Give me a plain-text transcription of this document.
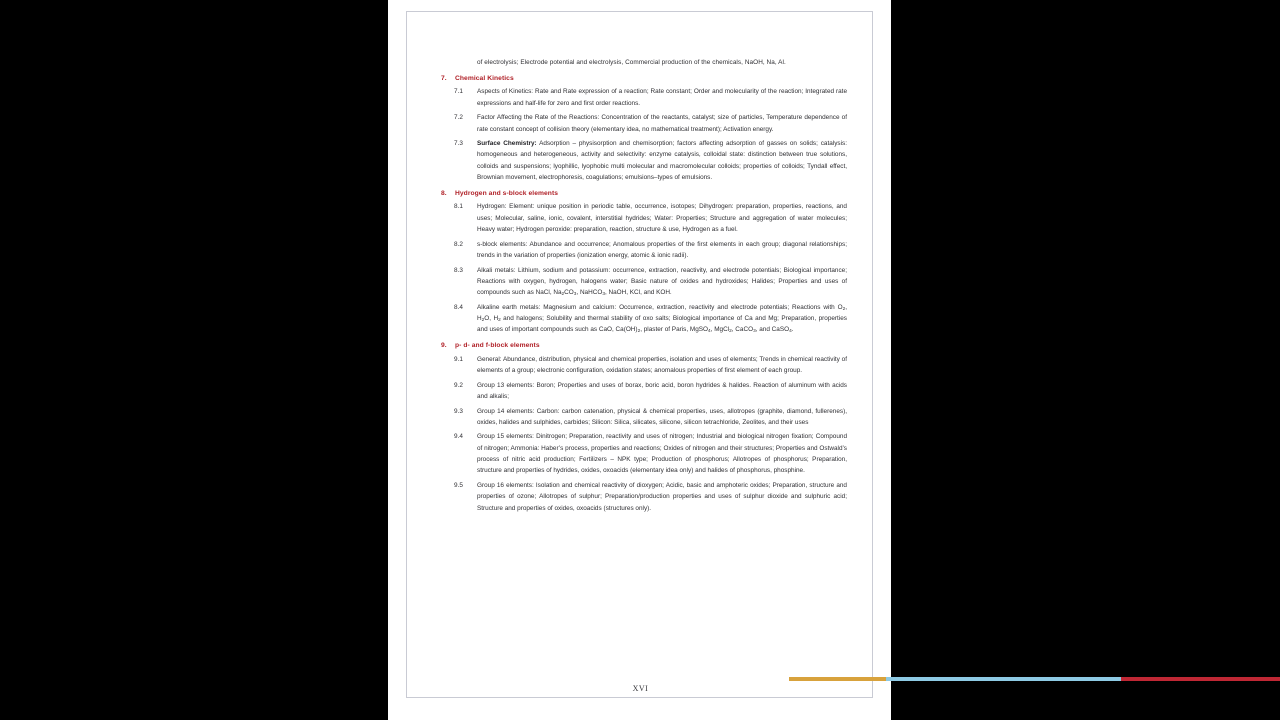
of electrolysis; Electrode potential and electrolysis, Commercial production of the chemicals, NaOH, Na, Al.

7.	Chemical Kinetics
7.1	Aspects of Kinetics: Rate and Rate expression of a reaction; Rate constant; Order and molecularity of the reaction; Integrated rate expressions and half-life for zero and first order reactions.
7.2	Factor Affecting the Rate of the Reactions: Concentration of the reactants, catalyst; size of particles, Temperature dependence of rate constant concept of collision theory (elementary idea, no mathematical treatment); Activation energy.
7.3	Surface Chemistry: Adsorption – physisorption and chemisorption; factors affecting adsorption of gasses on solids; catalysis: homogeneous and heterogeneous, activity and selectivity: enzyme catalysis, colloidal state: distinction between true solutions, colloids and suspensions; lyophillic, lyophobic multi molecular and macromolecular colloids; properties of colloids; Tyndall effect, Brownian movement, electrophoresis, coagulations; emulsions–types of emulsions.
8.	Hydrogen and s-block elements
8.1	Hydrogen: Element: unique position in periodic table, occurrence, isotopes; Dihydrogen: preparation, properties, reactions, and uses; Molecular, saline, ionic, covalent, interstitial hydrides; Water: Properties; Structure and aggregation of water molecules; Heavy water; Hydrogen peroxide: preparation, reaction, structure & use, Hydrogen as a fuel.
8.2	s-block elements: Abundance and occurrence; Anomalous properties of the first elements in each group; diagonal relationships; trends in the variation of properties (ionization energy, atomic & ionic radii).
8.3	Alkali metals: Lithium, sodium and potassium: occurrence, extraction, reactivity, and electrode potentials; Biological importance; Reactions with oxygen, hydrogen, halogens water; Basic nature of oxides and hydroxides; Halides; Properties and uses of compounds such as NaCl, $Na_2CO_3$, NaHCO$_3$, NaOH, KCl, and KOH.
8.4	Alkaline earth metals: Magnesium and calcium: Occurrence, extraction, reactivity and electrode potentials; Reactions with $O_2$, $H_2O$, $H_2$ and halogens; Solubility and thermal stability of oxo salts; Biological importance of Ca and Mg; Preparation, properties and uses of important compounds such as CaO, $Ca(OH)_2$, plaster of Paris, MgSO$_4$, MgCl$_2$, CaCO$_3$, and CaSO$_4$.
9.	p- d- and f-block elements
9.1	General: Abundance, distribution, physical and chemical properties, isolation and uses of elements; Trends in chemical reactivity of elements of a group; electronic configuration, oxidation states; anomalous properties of first element of each group.
9.2	Group 13 elements: Boron; Properties and uses of borax, boric acid, boron hydrides & halides. Reaction of aluminum with acids and alkalis;
9.3	Group 14 elements: Carbon: carbon catenation, physical & chemical properties, uses, allotropes (graphite, diamond, fullerenes), oxides, halides and sulphides, carbides; Silicon: Silica, silicates, silicone, silicon tetrachloride, Zeolites, and their uses
9.4	Group 15 elements: Dinitrogen; Preparation, reactivity and uses of nitrogen; Industrial and biological nitrogen fixation; Compound of nitrogen; Ammonia: Haber’s process, properties and reactions; Oxides of nitrogen and their structures; Properties and Ostwald’s process of nitric acid production; Fertilizers – NPK type; Production of phosphorus; Allotropes of phosphorus; Preparation, structure and properties of hydrides, oxides, oxoacids (elementary idea only) and halides of phosphorus, phosphine.
9.5	Group 16 elements: Isolation and chemical reactivity of dioxygen; Acidic, basic and amphoteric oxides; Preparation, structure and properties of ozone; Allotropes of sulphur; Preparation/production properties and uses of sulphur dioxide and sulphuric acid; Structure and properties of oxides, oxoacids (structures only).
XVI
